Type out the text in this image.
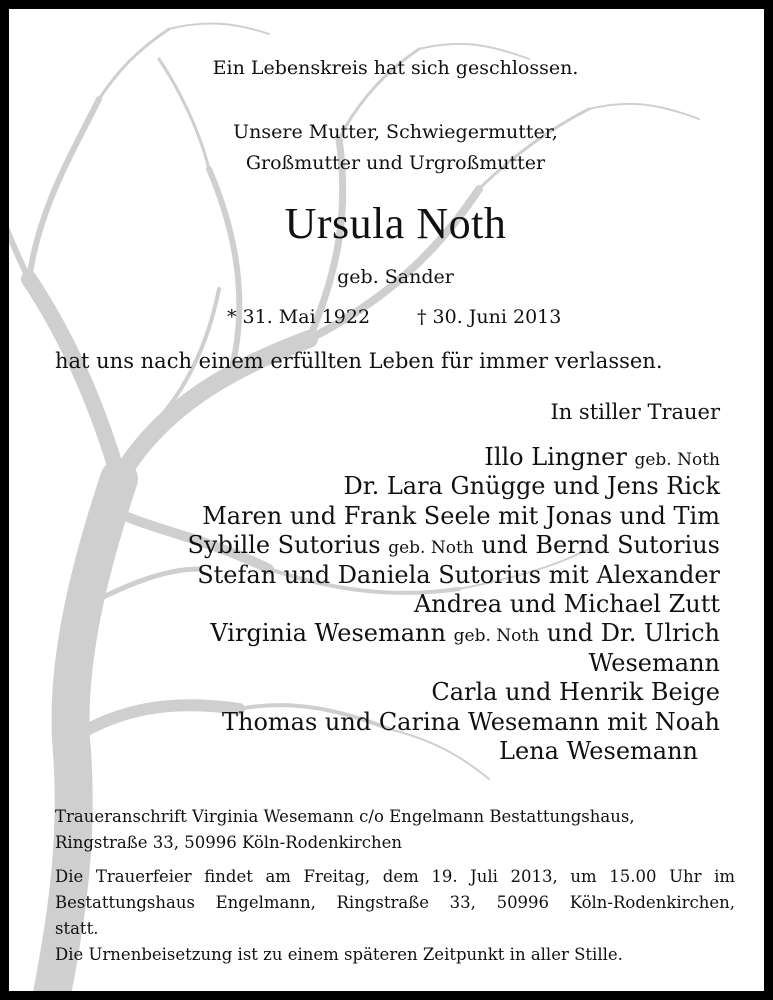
Ein Lebenskreis hat sich geschlossen.
Unsere Mutter, Schwiegermutter,
Großmutter und Urgroßmutter
Ursula Noth
geb. Sander
* 31. Mai 1922 † 30. Juni 2013
hat uns nach einem erfüllten Leben für immer verlassen.
In stiller Trauer
Illo Lingner geb. Noth
Dr. Lara Gnügge und Jens Rick
Maren und Frank Seele mit Jonas und Tim
Sybille Sutorius geb. Noth und Bernd Sutorius
Stefan und Daniela Sutorius mit Alexander
Andrea und Michael Zutt
Virginia Wesemann geb. Noth und Dr. Ulrich
Wesemann
Carla und Henrik Beige
Thomas und Carina Wesemann mit Noah
Lena Wesemann
Traueranschrift Virginia Wesemann c/o Engelmann Bestattungshaus,
Ringstraße 33, 50996 Köln-Rodenkirchen
Die Trauerfeier findet am Freitag, dem 19. Juli 2013, um 15.00 Uhr im
Bestattungshaus Engelmann, Ringstraße 33, 50996 Köln-Rodenkirchen,
statt.
Die Urnenbeisetzung ist zu einem späteren Zeitpunkt in aller Stille.
